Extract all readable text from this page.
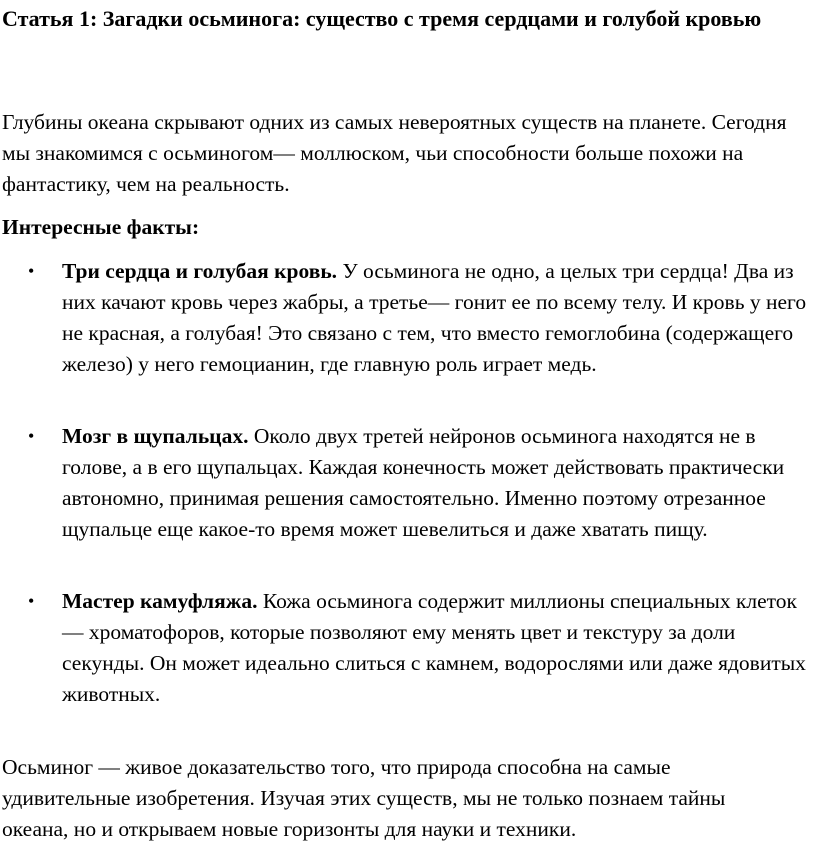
Статья 1: Загадки осьминога: существо с тремя сердцами и голубой кровью

Глубины океана скрывают одних из самых невероятных существ на планете. Сегодня мы знакомимся с осьминогом— моллюском, чьи способности больше похожи на фантастику, чем на реальность.

Интересные факты:

• Три сердца и голубая кровь. У осьминога не одно, а целых три сердца! Два из них качают кровь через жабры, а третье— гонит ее по всему телу. И кровь у него не красная, а голубая! Это связано с тем, что вместо гемоглобина (содержащего железо) у него гемоцианин, где главную роль играет медь.
• Мозг в щупальцах. Около двух третей нейронов осьминога находятся не в голове, а в его щупальцах. Каждая конечность может действовать практически автономно, принимая решения самостоятельно. Именно поэтому отрезанное щупальце еще какое-то время может шевелиться и даже хватать пищу.
• Мастер камуфляжа. Кожа осьминога содержит миллионы специальных клеток — хроматофоров, которые позволяют ему менять цвет и текстуру за доли секунды. Он может идеально слиться с камнем, водорослями или даже ядовитых животных.

Осьминог — живое доказательство того, что природа способна на самые удивительные изобретения. Изучая этих существ, мы не только познаем тайны океана, но и открываем новые горизонты для науки и техники.
